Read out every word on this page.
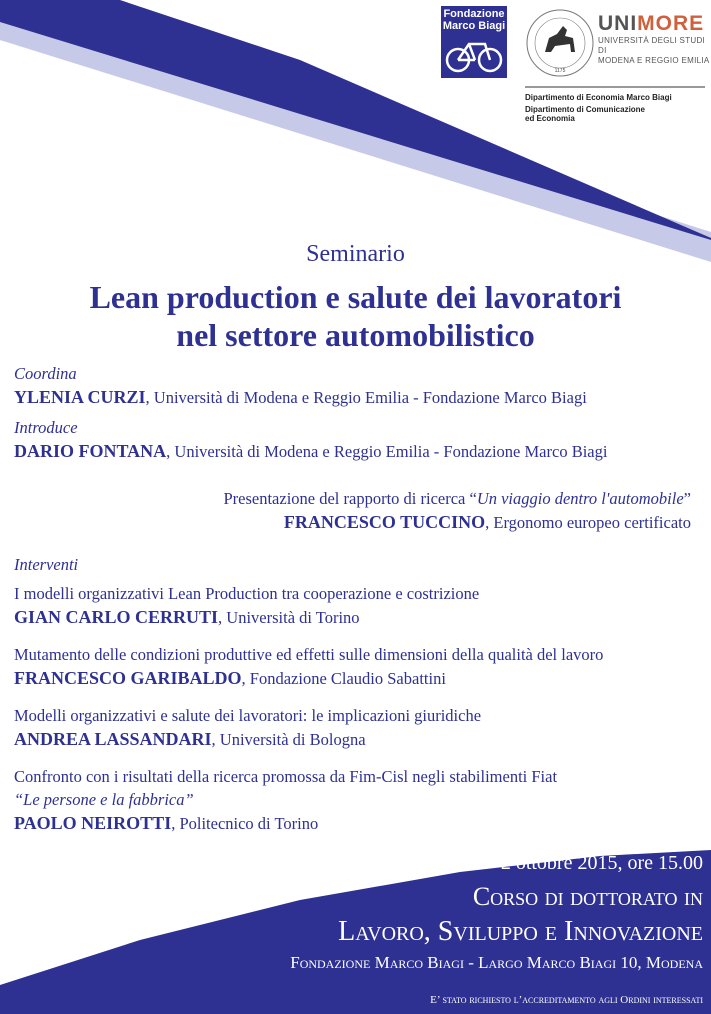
Fondazione
Marco Biagi
1175
UNIMORE
UNIVERSITÀ DEGLI STUDI DI
MODENA E REGGIO EMILIA
Dipartimento di Economia Marco Biagi
Dipartimento di Comunicazione
ed Economia
Seminario
Lean production e salute dei lavoratori
nel settore automobilistico
Coordina
YLENIA CURZI, Università di Modena e Reggio Emilia - Fondazione Marco Biagi
Introduce
DARIO FONTANA, Università di Modena e Reggio Emilia - Fondazione Marco Biagi
Presentazione del rapporto di ricerca “Un viaggio dentro l'automobile”
FRANCESCO TUCCINO, Ergonomo europeo certificato
Interventi
I modelli organizzativi Lean Production tra cooperazione e costrizione
GIAN CARLO CERRUTI, Università di Torino
Mutamento delle condizioni produttive ed effetti sulle dimensioni della qualità del lavoro
FRANCESCO GARIBALDO, Fondazione Claudio Sabattini
Modelli organizzativi e salute dei lavoratori: le implicazioni giuridiche
ANDREA LASSANDARI, Università di Bologna
Confronto con i risultati della ricerca promossa da Fim-Cisl negli stabilimenti Fiat
“Le persone e la fabbrica”
PAOLO NEIROTTI, Politecnico di Torino
2 ottobre 2015, ore 15.00
Corso di dottorato in
Lavoro, Sviluppo e Innovazione
Fondazione Marco Biagi - Largo Marco Biagi 10, Modena
E’ stato richiesto l’accreditamento agli Ordini interessati
